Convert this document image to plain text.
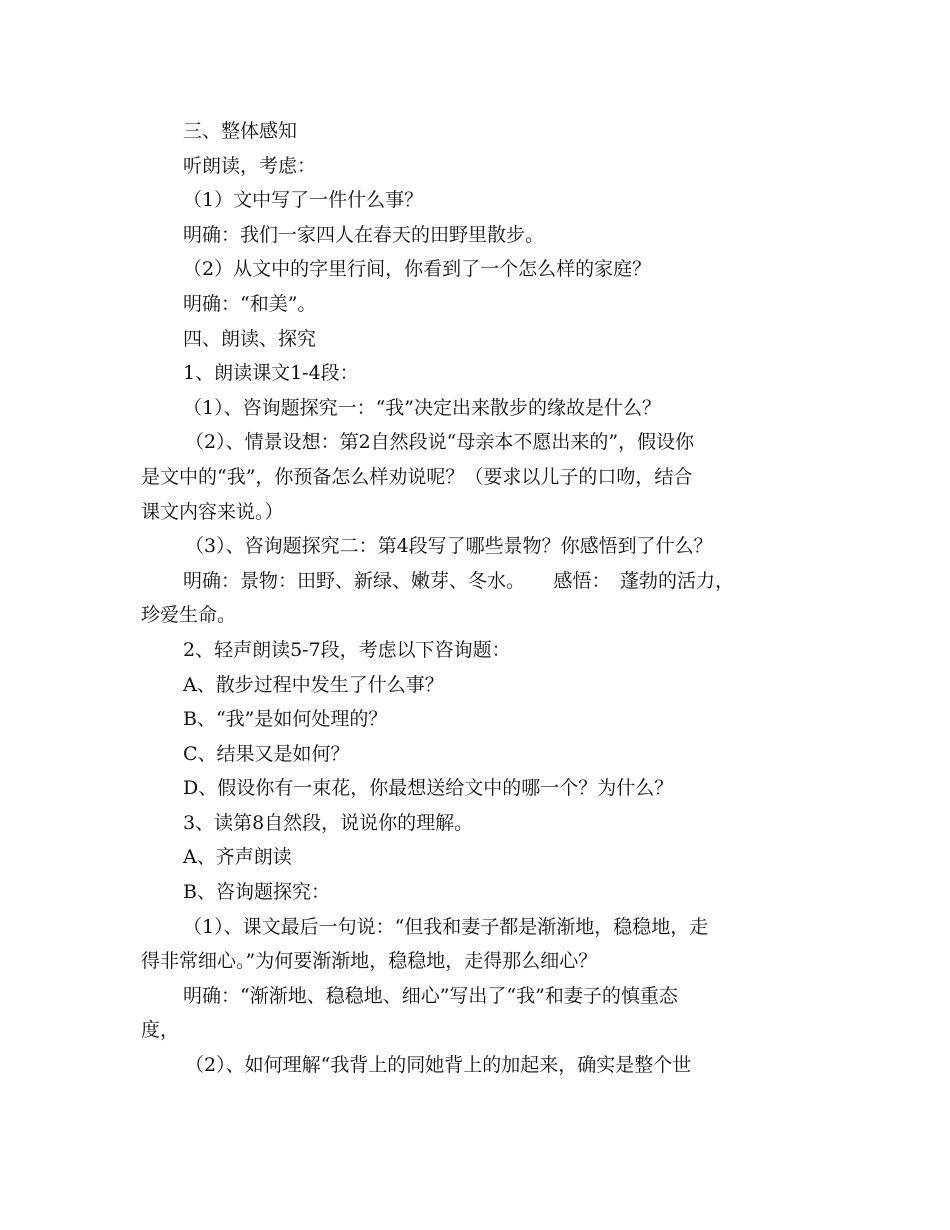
三、整体感知
听朗读，考虑：
（1）文中写了一件什么事？
明确：我们一家四人在春天的田野里散步。
（2）从文中的字里行间，你看到了一个怎么样的家庭？
明确：“和美”。
四、朗读、探究
1、朗读课文1-4段：
（1）、咨询题探究一：“我”决定出来散步的缘故是什么？
（2）、情景设想：第2自然段说“母亲本不愿出来的”，假设你
是文中的“我”，你预备怎么样劝说呢？（要求以儿子的口吻，结合
课文内容来说。）
（3）、咨询题探究二：第4段写了哪些景物？你感悟到了什么？
明确：景物：田野、新绿、嫩芽、冬水。　　感悟：　蓬勃的活力，
珍爱生命。
2、轻声朗读5-7段，考虑以下咨询题：
A、散步过程中发生了什么事？
B、“我”是如何处理的？
C、结果又是如何？
D、假设你有一束花，你最想送给文中的哪一个？为什么？
3、读第8自然段，说说你的理解。
A、齐声朗读
B、咨询题探究：
（1）、课文最后一句说：“但我和妻子都是渐渐地，稳稳地，走
得非常细心。”为何要渐渐地，稳稳地，走得那么细心？
明确：“渐渐地、稳稳地、细心”写出了“我”和妻子的慎重态
度，
（2）、如何理解“我背上的同她背上的加起来，确实是整个世
